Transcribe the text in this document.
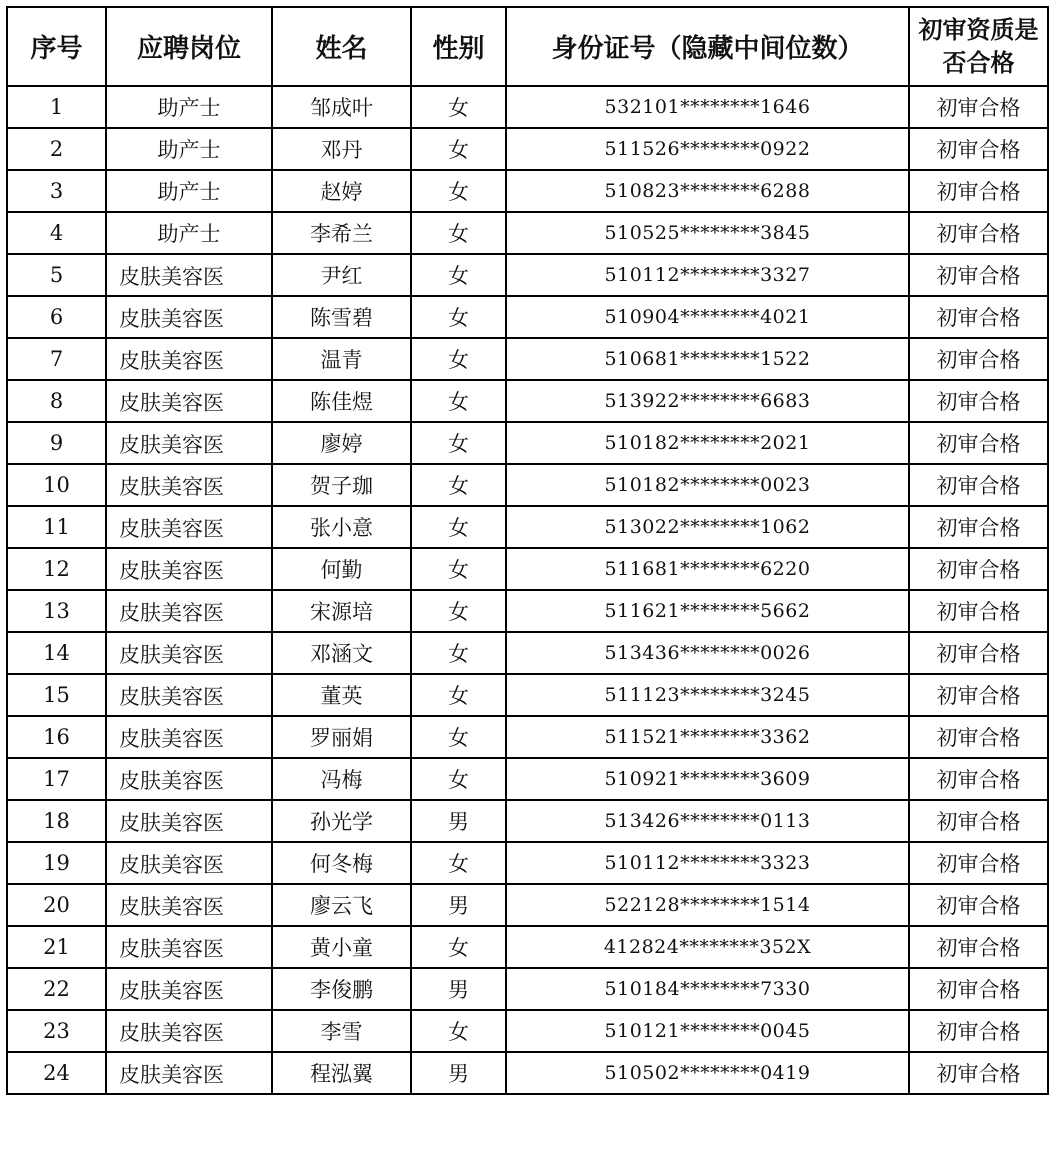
序号	应聘岗位	姓名	性别	身份证号（隐藏中间位数）	初审资质是否合格
1	助产士	邹成叶	女	532101********1646	初审合格
2	助产士	邓丹	女	511526********0922	初审合格
3	助产士	赵婷	女	510823********6288	初审合格
4	助产士	李希兰	女	510525********3845	初审合格
5	皮肤美容医	尹红	女	510112********3327	初审合格
6	皮肤美容医	陈雪碧	女	510904********4021	初审合格
7	皮肤美容医	温青	女	510681********1522	初审合格
8	皮肤美容医	陈佳煜	女	513922********6683	初审合格
9	皮肤美容医	廖婷	女	510182********2021	初审合格
10	皮肤美容医	贺子珈	女	510182********0023	初审合格
11	皮肤美容医	张小意	女	513022********1062	初审合格
12	皮肤美容医	何勤	女	511681********6220	初审合格
13	皮肤美容医	宋源培	女	511621********5662	初审合格
14	皮肤美容医	邓涵文	女	513436********0026	初审合格
15	皮肤美容医	董英	女	511123********3245	初审合格
16	皮肤美容医	罗丽娟	女	511521********3362	初审合格
17	皮肤美容医	冯梅	女	510921********3609	初审合格
18	皮肤美容医	孙光学	男	513426********0113	初审合格
19	皮肤美容医	何冬梅	女	510112********3323	初审合格
20	皮肤美容医	廖云飞	男	522128********1514	初审合格
21	皮肤美容医	黄小童	女	412824********352X	初审合格
22	皮肤美容医	李俊鹏	男	510184********7330	初审合格
23	皮肤美容医	李雪	女	510121********0045	初审合格
24	皮肤美容医	程泓翼	男	510502********0419	初审合格
